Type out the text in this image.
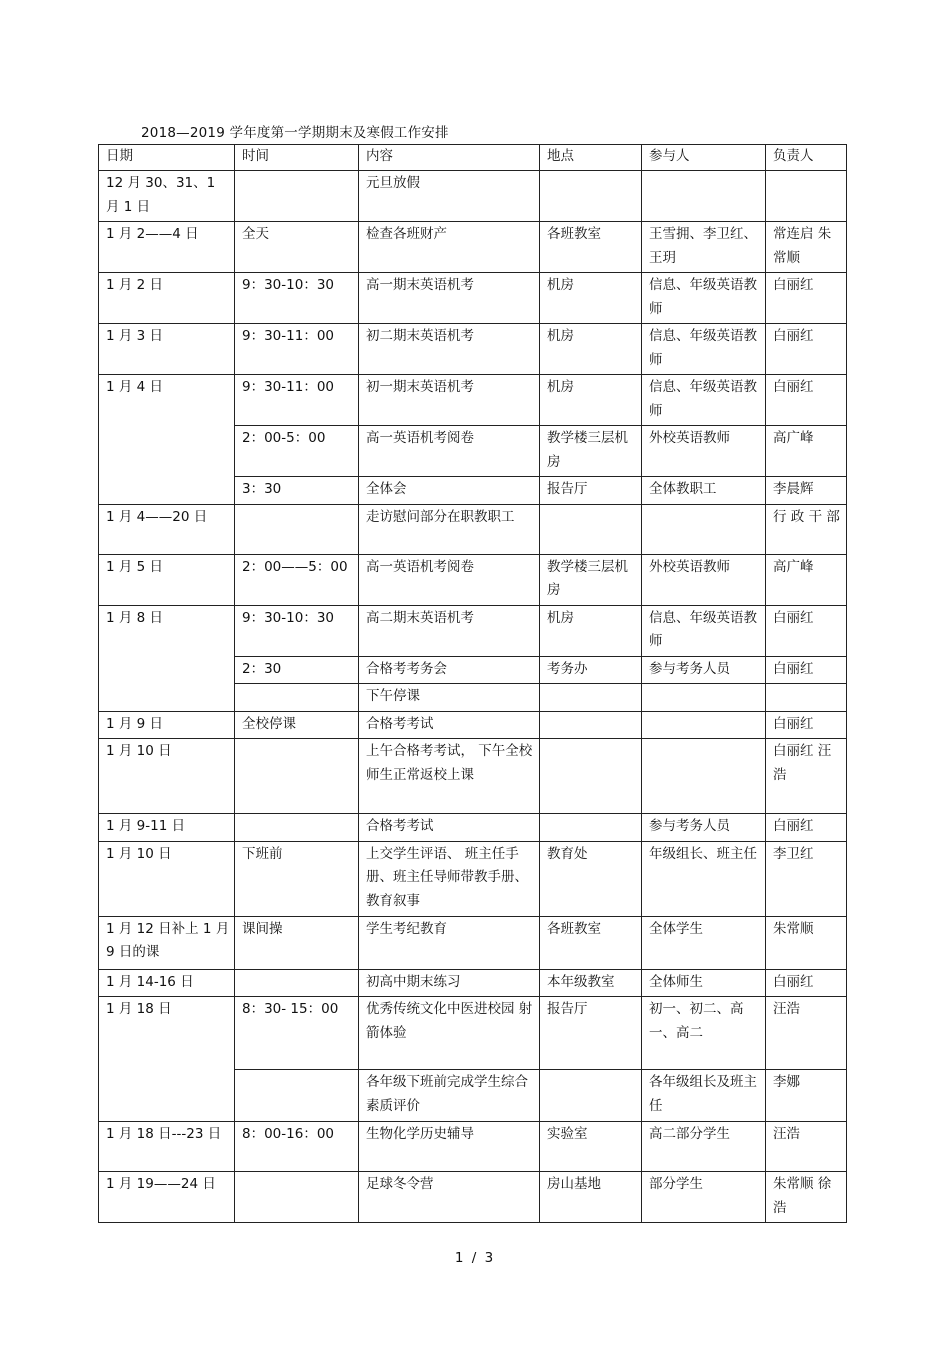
2018—2019 学年度第一学期期末及寒假工作安排
日期	时间	内容	地点	参与人	负责人
12 月 30、31、1 月 1 日		元旦放假			
1 月 2——4 日	全天	检查各班财产	各班教室	王雪拥、李卫红、王玥	常连启 朱常顺
1 月 2 日	9：30-10：30	高一期末英语机考	机房	信息、年级英语教师	白丽红
1 月 3 日	9：30-11：00	初二期末英语机考	机房	信息、年级英语教师	白丽红
1 月 4 日	9：30-11：00	初一期末英语机考	机房	信息、年级英语教师	白丽红
	2：00-5：00	高一英语机考阅卷	教学楼三层机房	外校英语教师	高广峰
	3：30	全体会	报告厅	全体教职工	李晨辉
1 月 4——20 日		走访慰问部分在职教职工			行 政 干 部
1 月 5 日	2：00——5：00	高一英语机考阅卷	教学楼三层机房	外校英语教师	高广峰
1 月 8 日	9：30-10：30	高二期末英语机考	机房	信息、年级英语教师	白丽红
	2：30	合格考考务会	考务办	参与考务人员	白丽红
		下午停课			
1 月 9 日	全校停课	合格考考试			白丽红
1 月 10 日		上午合格考考试， 下午全校师生正常返校上课			白丽红 汪浩
1 月 9-11 日		合格考考试		参与考务人员	白丽红
1 月 10 日	下班前	上交学生评语、 班主任手册、班主任导师带教手册、教育叙事	教育处	年级组长、班主任	李卫红
1 月 12 日补上 1 月 9 日的课	课间操	学生考纪教育	各班教室	全体学生	朱常顺
1 月 14-16 日		初高中期末练习	本年级教室	全体师生	白丽红
1 月 18 日	8：30- 15：00	优秀传统文化中医进校园 射箭体验	报告厅	初一、初二、高一、高二	汪浩
		各年级下班前完成学生综合素质评价		各年级组长及班主任	李娜
1 月 18 日---23 日	8：00-16：00	生物化学历史辅导	实验室	高二部分学生	汪浩
1 月 19——24 日		足球冬令营	房山基地	部分学生	朱常顺 徐浩
1 / 3
